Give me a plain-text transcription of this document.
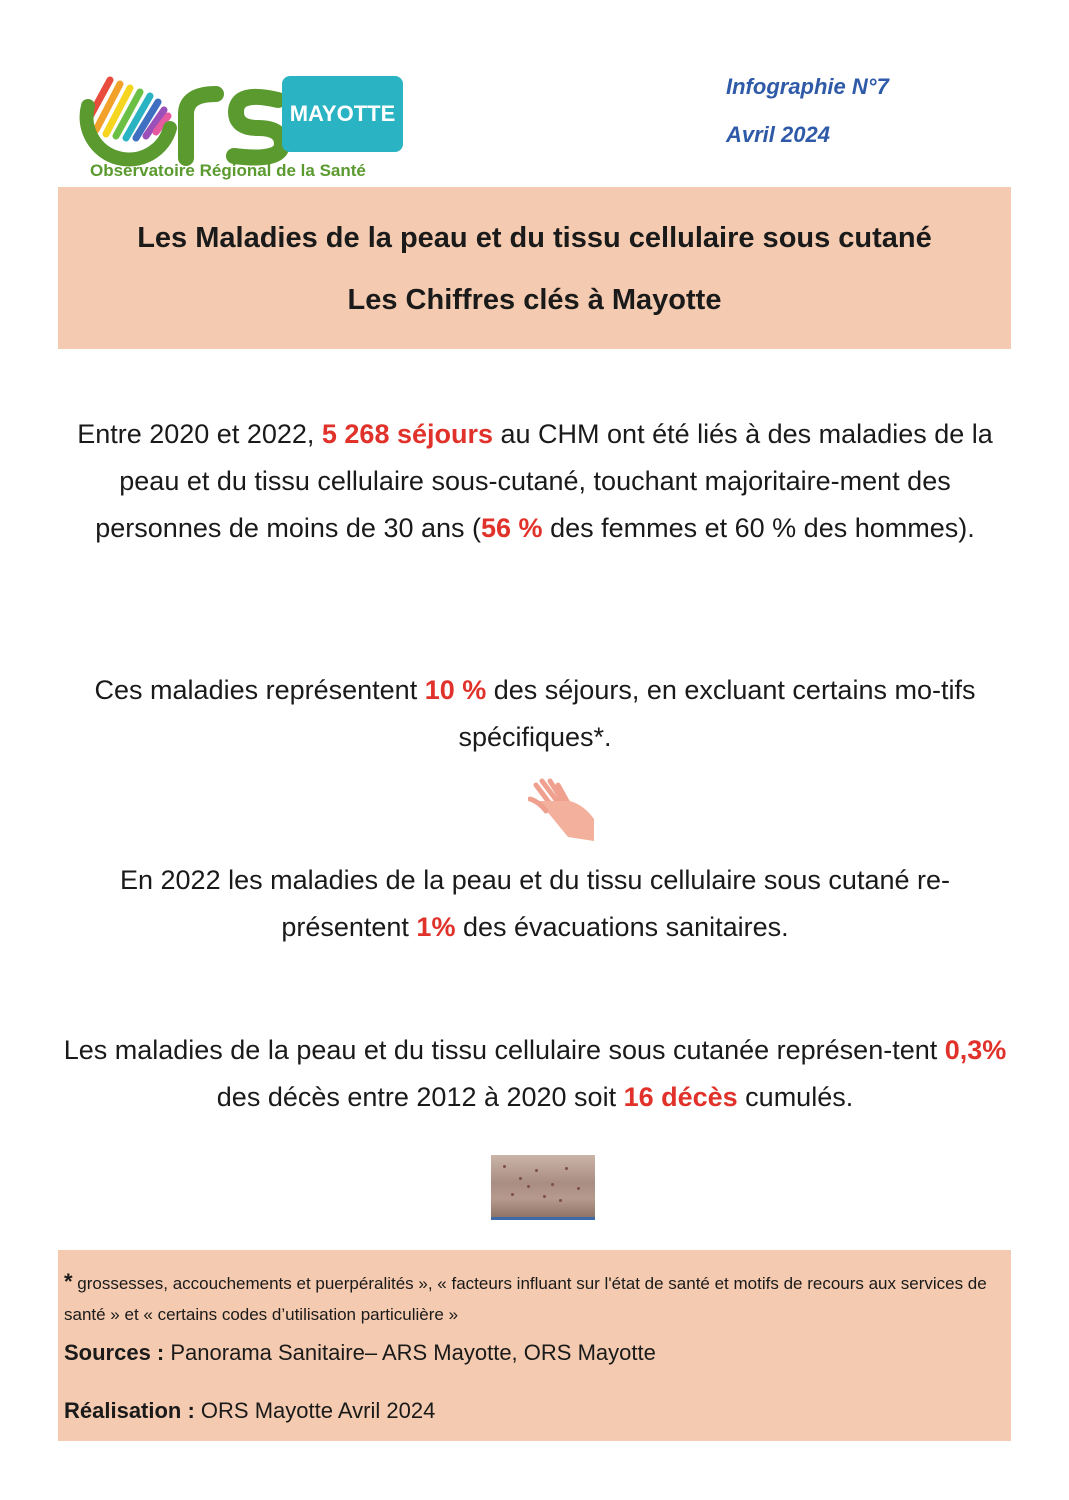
MAYOTTE
Observatoire Régional de la Santé
Infographie N°7
Avril 2024
Les Maladies de la peau et du tissu cellulaire sous cutané
Les Chiffres clés à Mayotte
Entre 2020 et 2022, 5 268 séjours au CHM ont été liés à des maladies de la peau et du tissu cellulaire sous-cutané, touchant majoritaire-ment des personnes de moins de 30 ans (56 % des femmes et 60 % des hommes).
Ces maladies représentent 10 % des séjours, en excluant certains mo-tifs spécifiques*.
En 2022 les maladies de la peau et du tissu cellulaire sous cutané re-présentent 1% des évacuations sanitaires.
Les maladies de la peau et du tissu cellulaire sous cutanée représen-tent 0,3% des décès entre 2012 à 2020 soit 16 décès cumulés.
* grossesses, accouchements et puerpéralités », « facteurs influant sur l'état de santé et motifs de recours aux services de santé » et « certains codes d’utilisation particulière »
Sources : Panorama Sanitaire– ARS Mayotte, ORS Mayotte
Réalisation : ORS Mayotte Avril 2024
